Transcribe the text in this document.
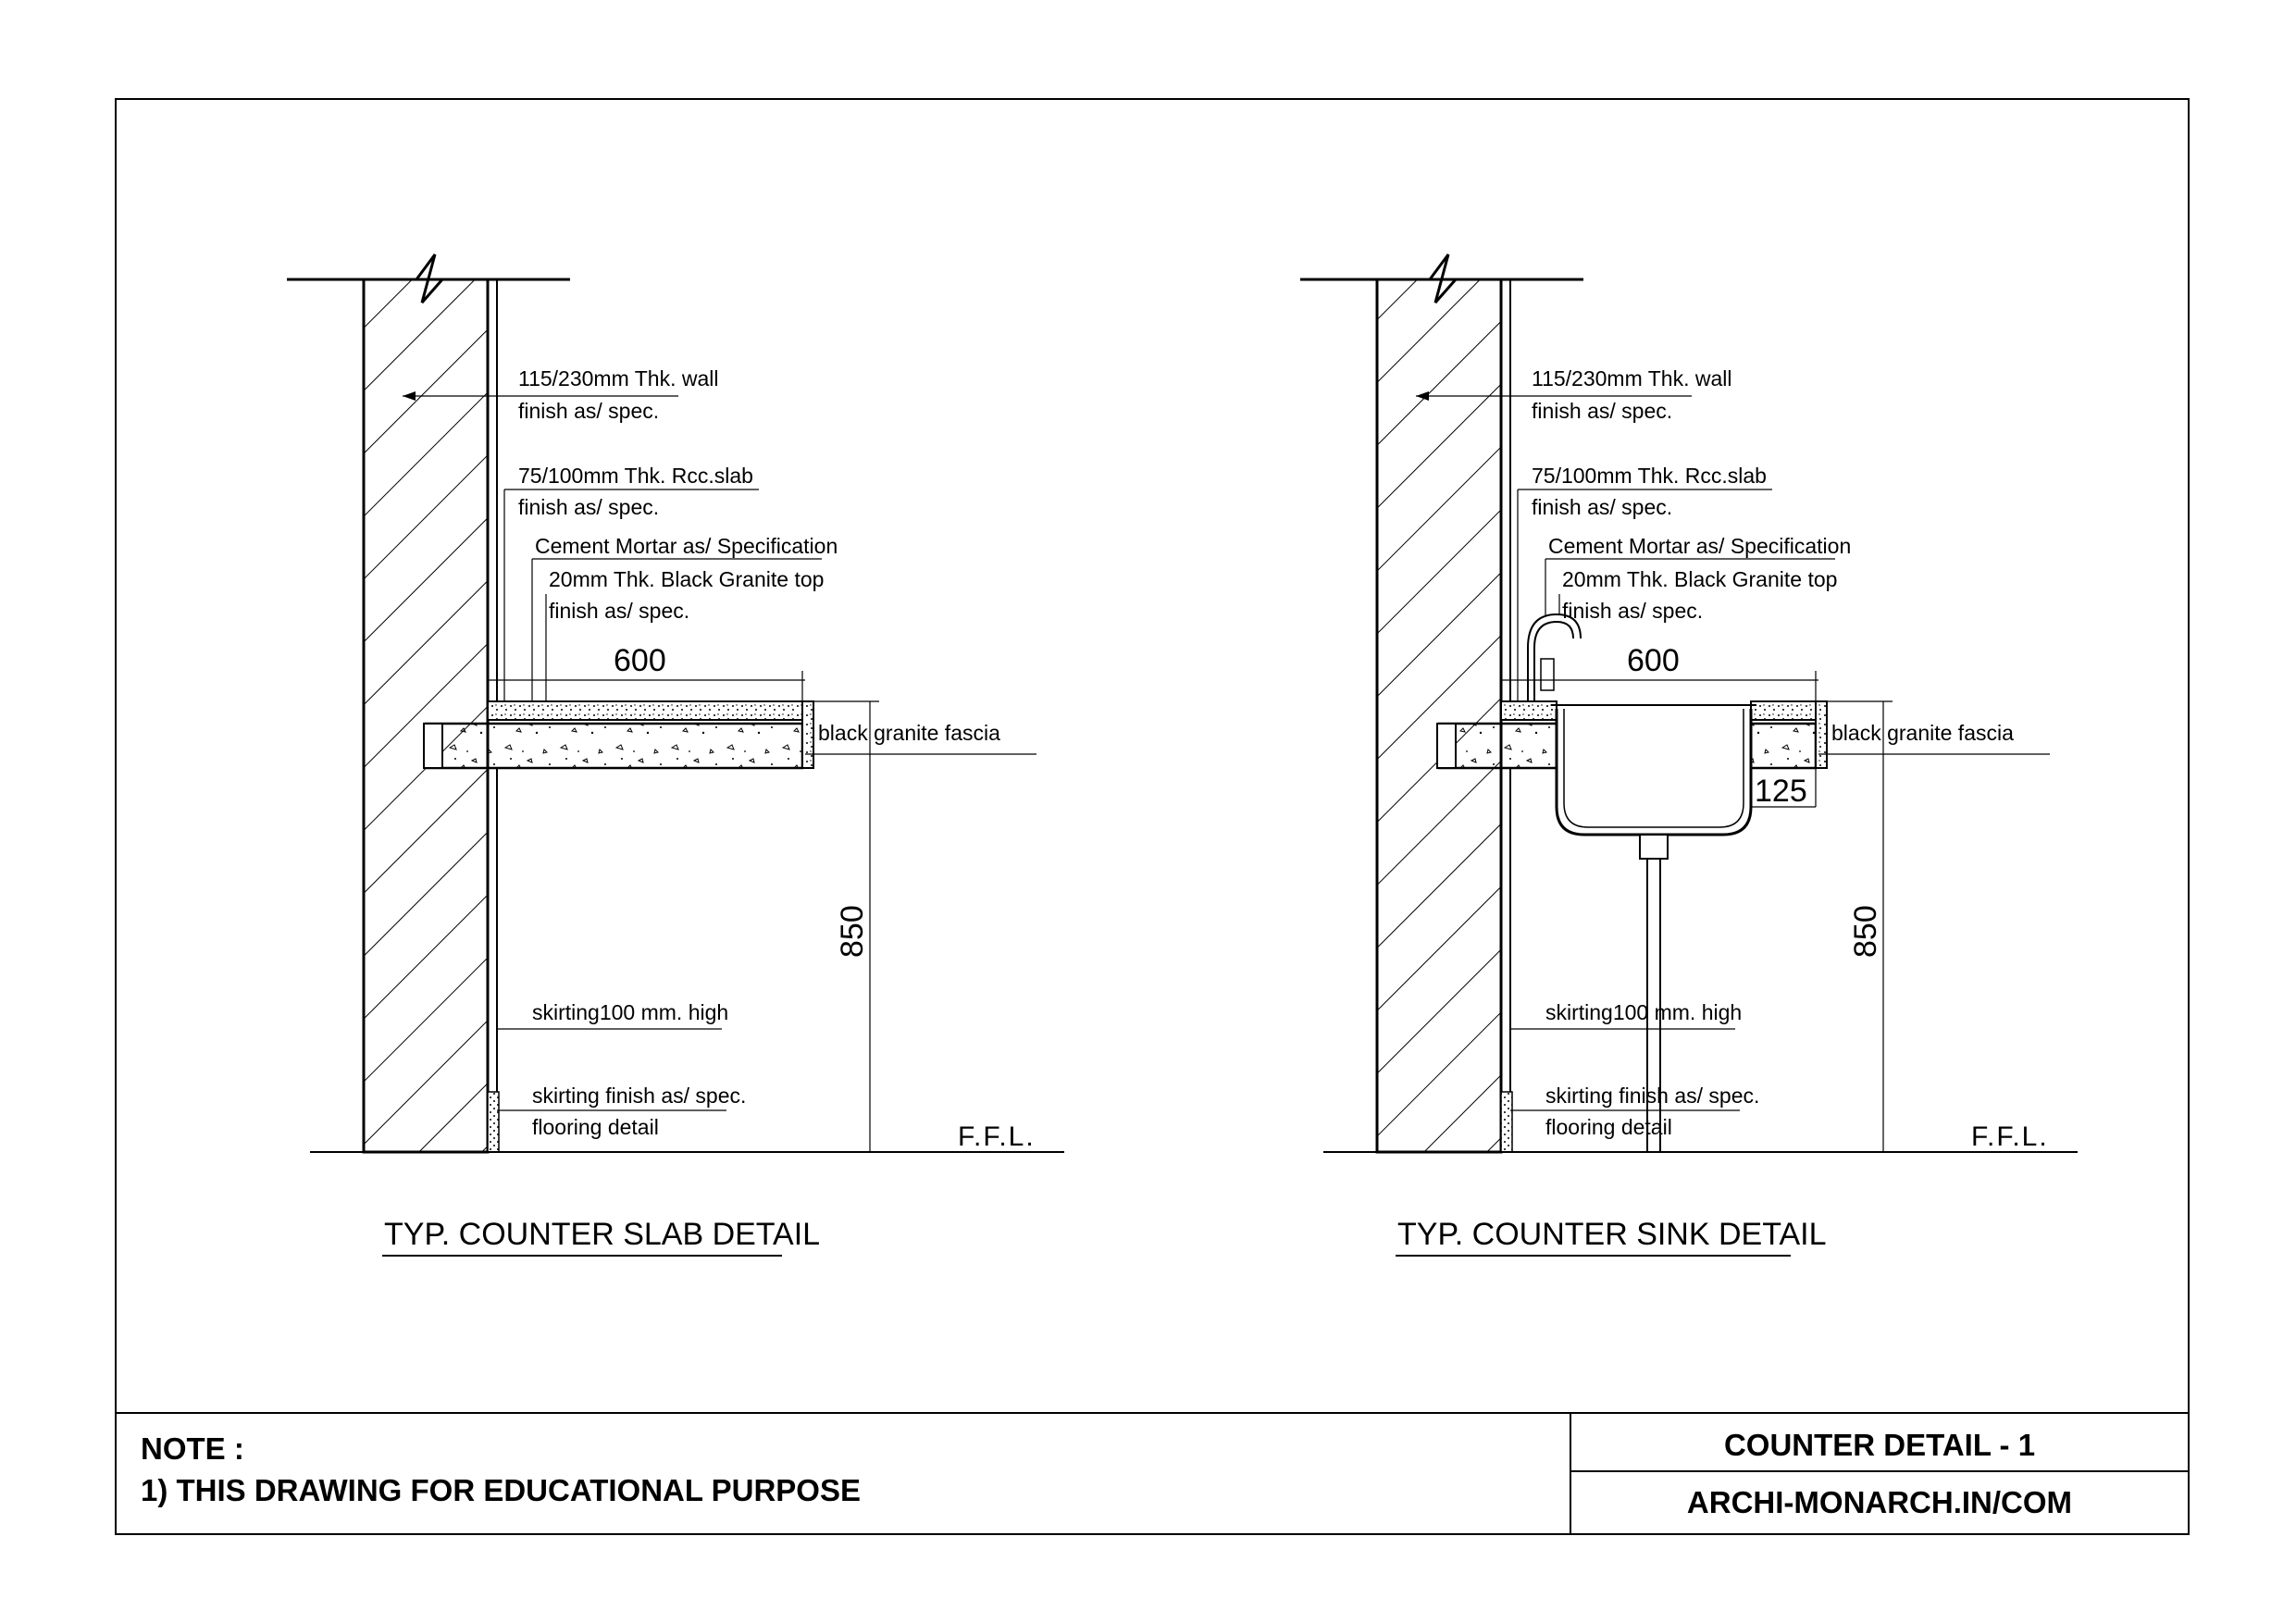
115/230mm Thk. wall
finish as/ spec.
75/100mm Thk. Rcc.slab
finish as/ spec.
Cement Mortar as/ Specification
20mm Thk. Black Granite top
finish as/ spec.
600
black granite fascia
850
skirting100 mm. high
skirting finish as/ spec.
flooring detail	F.F.L.
TYP. COUNTER SLAB DETAIL
115/230mm Thk. wall
finish as/ spec.
75/100mm Thk. Rcc.slab
finish as/ spec.
Cement Mortar as/ Specification
20mm Thk. Black Granite top
finish as/ spec.
600
black granite fascia
125
850
skirting100 mm. high
skirting finish as/ spec.
flooring detail	F.F.L.
TYP. COUNTER SINK DETAIL
NOTE :
1) THIS DRAWING FOR EDUCATIONAL PURPOSE
COUNTER DETAIL - 1
ARCHI-MONARCH.IN/COM
